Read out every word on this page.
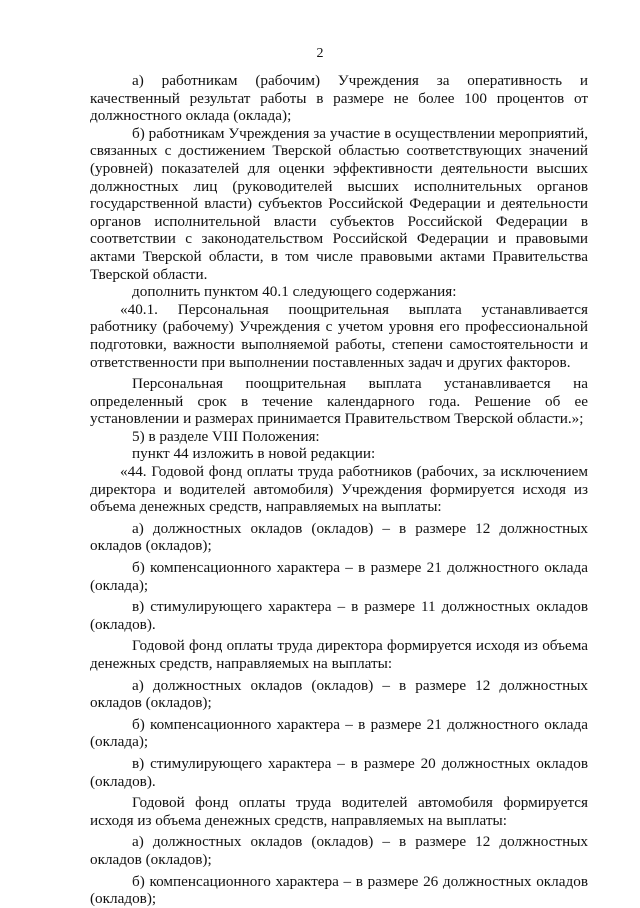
2

а) работникам (рабочим) Учреждения за оперативность и качественный результат работы в размере не более 100 процентов от должностного оклада (оклада);

б) работникам Учреждения за участие в осуществлении мероприятий, связанных с достижением Тверской областью соответствующих значений (уровней) показателей для оценки эффективности деятельности высших должностных лиц (руководителей высших исполнительных органов государственной власти) субъектов Российской Федерации и деятельности органов исполнительной власти субъектов Российской Федерации в соответствии с законодательством Российской Федерации и правовыми актами Тверской области, в том числе правовыми актами Правительства Тверской области.

дополнить пунктом 40.1 следующего содержания:

«40.1. Персональная поощрительная выплата устанавливается работнику (рабочему) Учреждения с учетом уровня его профессиональной подготовки, важности выполняемой работы, степени самостоятельности и ответственности при выполнении поставленных задач и других факторов.

Персональная поощрительная выплата устанавливается на определенный срок в течение календарного года. Решение об ее установлении и размерах принимается Правительством Тверской области.»;

5) в разделе VIII Положения:

пункт 44 изложить в новой редакции:

«44. Годовой фонд оплаты труда работников (рабочих, за исключением директора и водителей автомобиля) Учреждения формируется исходя из объема денежных средств, направляемых на выплаты:

а) должностных окладов (окладов) – в размере 12 должностных окладов (окладов);

б) компенсационного характера – в размере 21 должностного оклада (оклада);

в) стимулирующего характера – в размере 11 должностных окладов (окладов).

Годовой фонд оплаты труда директора формируется исходя из объема денежных средств, направляемых на выплаты:

а) должностных окладов (окладов) – в размере 12 должностных окладов (окладов);

б) компенсационного характера – в размере 21 должностного оклада (оклада);

в) стимулирующего характера – в размере 20 должностных окладов (окладов).

Годовой фонд оплаты труда водителей автомобиля формируется исходя из объема денежных средств, направляемых на выплаты:

а) должностных окладов (окладов) – в размере 12 должностных окладов (окладов);

б) компенсационного характера – в размере 26 должностных окладов (окладов);
